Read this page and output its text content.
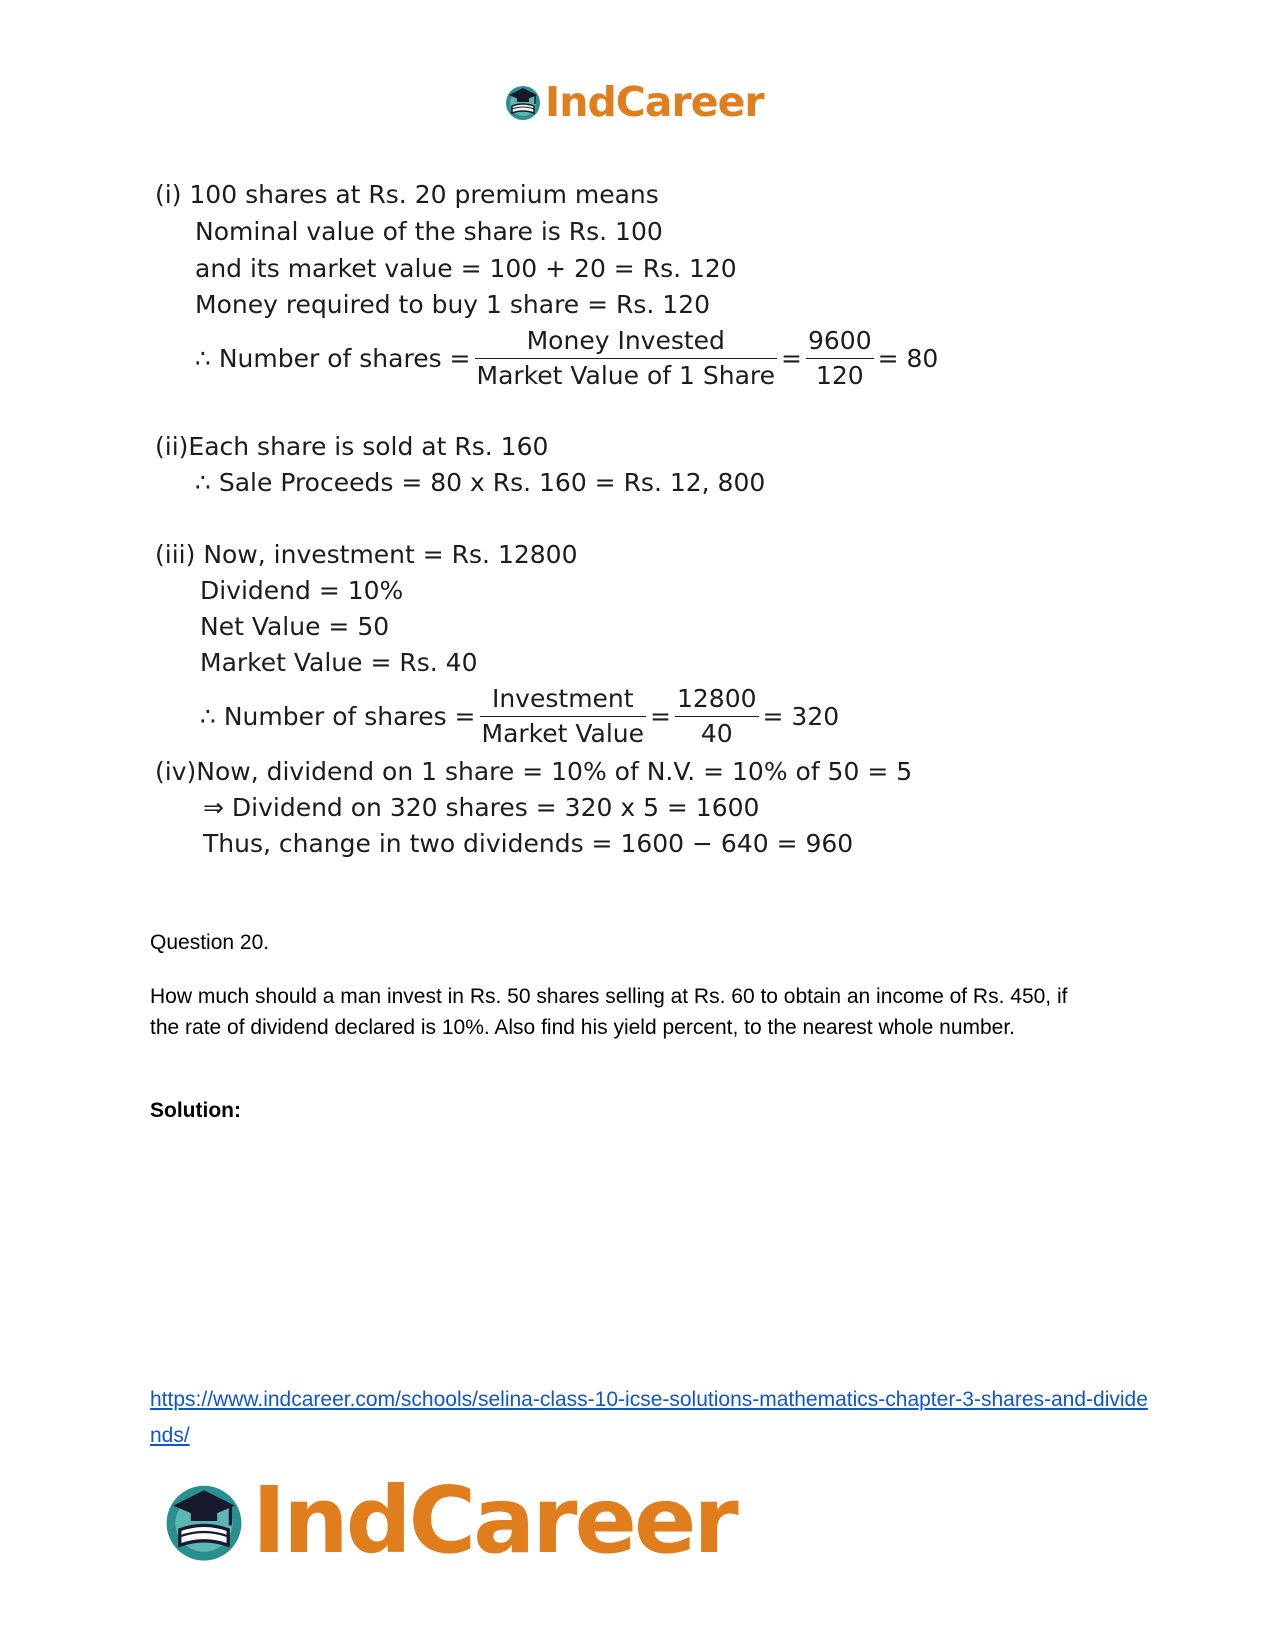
IndCareer
(i) 100 shares at Rs. 20 premium means
Nominal value of the share is Rs. 100
and its market value = 100 + 20 = Rs. 120
Money required to buy 1 share = Rs. 120
∴ Number of shares = $\frac{\text{Money Invested}}{\text{Market Value of 1 Share}} = \frac{9600}{120} = 80$
(ii)Each share is sold at Rs. 160
∴ Sale Proceeds = 80 x Rs. 160 = Rs. 12, 800
(iii) Now, investment = Rs. 12800
Dividend = 10%
Net Value = 50
Market Value = Rs. 40
∴ Number of shares = $\frac{\text{Investment}}{\text{Market Value}} = \frac{12800}{40} = 320$
(iv)Now, dividend on 1 share = 10% of N.V. = 10% of 50 = 5
⇒ Dividend on 320 shares = 320 x 5 = 1600
Thus, change in two dividends = 1600 − 640 = 960
Question 20.
How much should a man invest in Rs. 50 shares selling at Rs. 60 to obtain an income of Rs. 450, if the rate of dividend declared is 10%. Also find his yield percent, to the nearest whole number.
Solution:
https://www.indcareer.com/schools/selina-class-10-icse-solutions-mathematics-chapter-3-shares-and-dividends/
IndCareer
